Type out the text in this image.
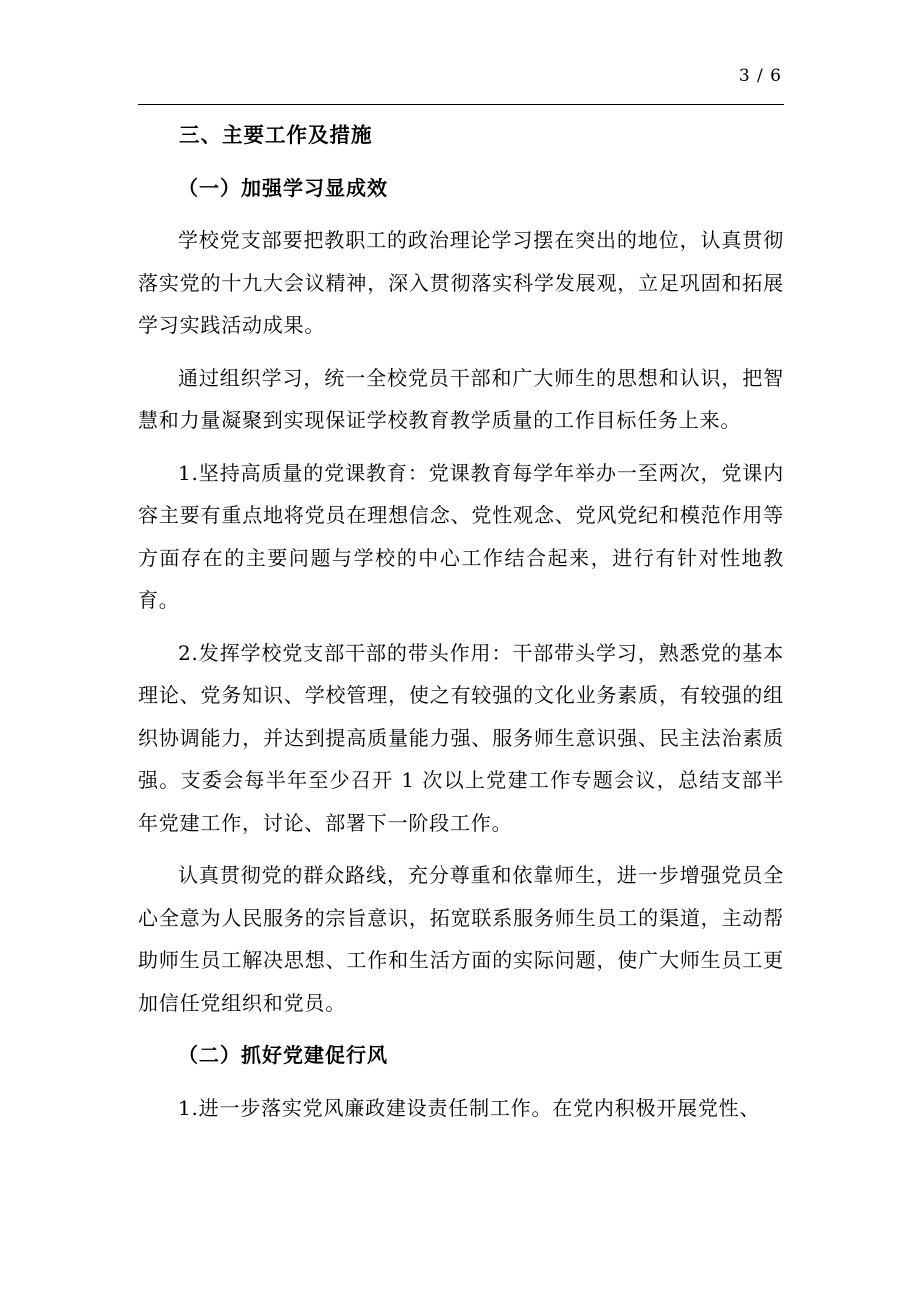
3 / 6

三、主要工作及措施

（一）加强学习显成效

学校党支部要把教职工的政治理论学习摆在突出的地位，认真贯彻落实党的十九大会议精神，深入贯彻落实科学发展观，立足巩固和拓展学习实践活动成果。

通过组织学习，统一全校党员干部和广大师生的思想和认识，把智慧和力量凝聚到实现保证学校教育教学质量的工作目标任务上来。

1.坚持高质量的党课教育：党课教育每学年举办一至两次，党课内容主要有重点地将党员在理想信念、党性观念、党风党纪和模范作用等方面存在的主要问题与学校的中心工作结合起来，进行有针对性地教育。

2.发挥学校党支部干部的带头作用：干部带头学习，熟悉党的基本理论、党务知识、学校管理，使之有较强的文化业务素质，有较强的组织协调能力，并达到提高质量能力强、服务师生意识强、民主法治素质强。支委会每半年至少召开 1 次以上党建工作专题会议，总结支部半年党建工作，讨论、部署下一阶段工作。

认真贯彻党的群众路线，充分尊重和依靠师生，进一步增强党员全心全意为人民服务的宗旨意识，拓宽联系服务师生员工的渠道，主动帮助师生员工解决思想、工作和生活方面的实际问题，使广大师生员工更加信任党组织和党员。

（二）抓好党建促行风

1.进一步落实党风廉政建设责任制工作。在党内积极开展党性、
